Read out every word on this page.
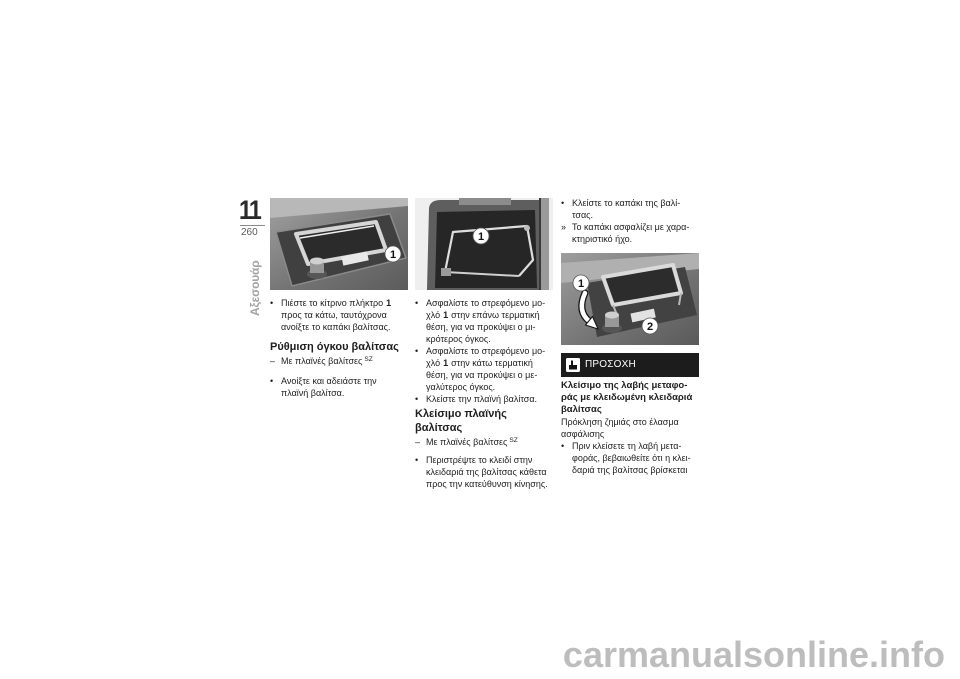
11
260
Αξεσουάρ
1
• Πιέστε το κίτρινο πλήκτρο 1
προς τα κάτω, ταυτόχρονα
ανοίξτε το καπάκι βαλίτσας.
Ρύθμιση όγκου βαλίτσας
– Με πλαϊνές βαλίτσες $^{SZ}$
• Ανοίξτε και αδειάστε την
πλαϊνή βαλίτσα.
1
• Ασφαλίστε το στρεφόμενο μο-
χλό 1 στην επάνω τερματική
θέση, για να προκύψει ο μι-
κρότερος όγκος.
• Ασφαλίστε το στρεφόμενο μο-
χλό 1 στην κάτω τερματική
θέση, για να προκύψει ο με-
γαλύτερος όγκος.
• Κλείστε την πλαϊνή βαλίτσα.
Κλείσιμο πλαϊνής
βαλίτσας
– Με πλαϊνές βαλίτσες $^{SZ}$
• Περιστρέψτε το κλειδί στην
κλειδαριά της βαλίτσας κάθετα
προς την κατεύθυνση κίνησης.
• Κλείστε το καπάκι της βαλί-
τσας.
» Το καπάκι ασφαλίζει με χαρα-
κτηριστικό ήχο.
1
2
ΠΡΟΣΟΧΗ
Κλείσιμο της λαβής μεταφο-
ράς με κλειδωμένη κλειδαριά
βαλίτσας
Πρόκληση ζημιάς στο έλασμα
ασφάλισης
• Πριν κλείσετε τη λαβή μετα-
φοράς, βεβαιωθείτε ότι η κλει-
δαριά της βαλίτσας βρίσκεται
carmanualsonline.info
